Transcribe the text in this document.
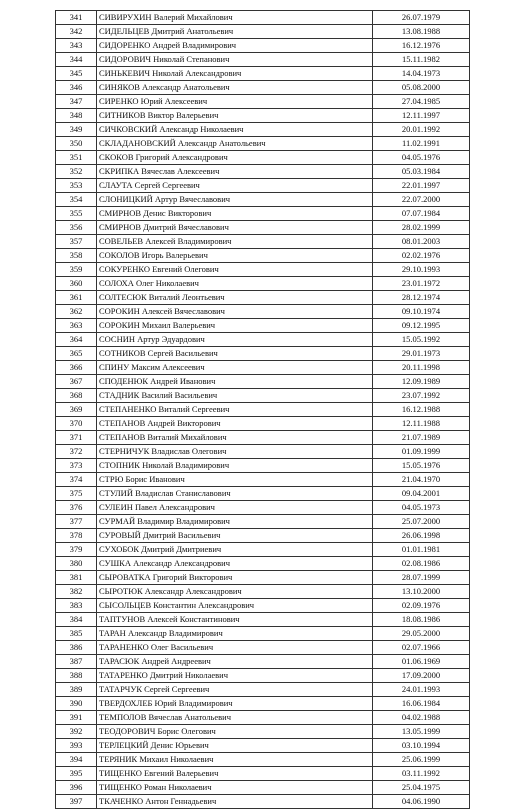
341	СИВИРУХИН Валерий Михайлович	26.07.1979
342	СИДЕЛЬЦЕВ Дмитрий Анатольевич	13.08.1988
343	СИДОРЕНКО Андрей Владимирович	16.12.1976
344	СИДОРОВИЧ Николай Степанович	15.11.1982
345	СИНЬКЕВИЧ Николай Александрович	14.04.1973
346	СИНЯКОВ Александр Анатольевич	05.08.2000
347	СИРЕНКО Юрий Алексеевич	27.04.1985
348	СИТНИКОВ Виктор Валерьевич	12.11.1997
349	СИЧКОВСКИЙ Александр Николаевич	20.01.1992
350	СКЛАДАНОВСКИЙ Александр Анатольевич	11.02.1991
351	СКОКОВ Григорий Александрович	04.05.1976
352	СКРИПКА Вячеслав Алексеевич	05.03.1984
353	СЛАУТА Сергей Сергеевич	22.01.1997
354	СЛОНИЦКИЙ Артур Вячеславович	22.07.2000
355	СМИРНОВ Денис Викторович	07.07.1984
356	СМИРНОВ Дмитрий Вячеславович	28.02.1999
357	СОВЕЛЬЕВ Алексей Владимирович	08.01.2003
358	СОКОЛОВ Игорь Валерьевич	02.02.1976
359	СОКУРЕНКО Евгений Олегович	29.10.1993
360	СОЛОХА Олег Николаевич	23.01.1972
361	СОЛТЕСЮК Виталий Леонтьевич	28.12.1974
362	СОРОКИН Алексей Вячеславович	09.10.1974
363	СОРОКИН Михаил Валерьевич	09.12.1995
364	СОСНИН Артур Эдуардович	15.05.1992
365	СОТНИКОВ Сергей Васильевич	29.01.1973
366	СПИНУ Максим Алексеевич	20.11.1998
367	СПОДЕНЮК Андрей Иванович	12.09.1989
368	СТАДНИК Василий Васильевич	23.07.1992
369	СТЕПАНЕНКО Виталий Сергеевич	16.12.1988
370	СТЕПАНОВ Андрей Викторович	12.11.1988
371	СТЕПАНОВ Виталий Михайлович	21.07.1989
372	СТЕРНИЧУК Владислав Олегович	01.09.1999
373	СТОПНИК Николай Владимирович	15.05.1976
374	СТРЮ Борис Иванович	21.04.1970
375	СТУЛИЙ Владислав Станиславович	09.04.2001
376	СУЛЕИН Павел Александрович	04.05.1973
377	СУРМАЙ Владимир Владимирович	25.07.2000
378	СУРОВЫЙ Дмитрий Васильевич	26.06.1998
379	СУХОБОК Дмитрий Дмитриевич	01.01.1981
380	СУШКА Александр Александрович	02.08.1986
381	СЫРОВАТКА Григорий Викторович	28.07.1999
382	СЫРОТЮК Александр Александрович	13.10.2000
383	СЫСОЛЬЦЕВ Константин Александрович	02.09.1976
384	ТАПТУНОВ Алексей Константинович	18.08.1986
385	ТАРАН Александр Владимирович	29.05.2000
386	ТАРАНЕНКО Олег Васильевич	02.07.1966
387	ТАРАСЮК Андрей Андреевич	01.06.1969
388	ТАТАРЕНКО Дмитрий Николаевич	17.09.2000
389	ТАТАРЧУК Сергей Сергеевич	24.01.1993
390	ТВЕРДОХЛЕБ Юрий Владимирович	16.06.1984
391	ТЕМПОЛОВ Вячеслав Анатольевич	04.02.1988
392	ТЕОДОРОВИЧ Борис Олегович	13.05.1999
393	ТЕРЛЕЦКИЙ Денис Юрьевич	03.10.1994
394	ТЕРЯНИК Михаил Николаевич	25.06.1999
395	ТИЩЕНКО Евгений Валерьевич	03.11.1992
396	ТИЩЕНКО Роман Николаевич	25.04.1975
397	ТКАЧЕНКО Антон Геннадьевич	04.06.1990
